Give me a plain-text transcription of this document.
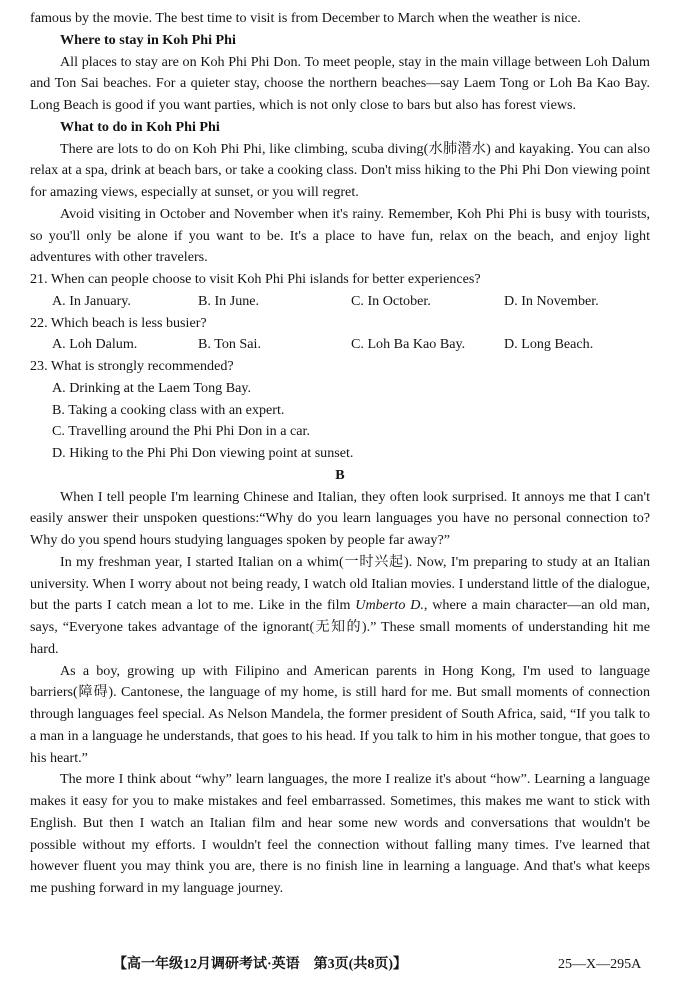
famous by the movie. The best time to visit is from December to March when the weather is nice.
Where to stay in Koh Phi Phi

All places to stay are on Koh Phi Phi Don. To meet people, stay in the main village between Loh Dalum and Ton Sai beaches. For a quieter stay, choose the northern beaches—say Laem Tong or Loh Ba Kao Bay. Long Beach is good if you want parties, which is not only close to bars but also has forest views.

What to do in Koh Phi Phi

There are lots to do on Koh Phi Phi, like climbing, scuba diving(水肺潜水) and kayaking. You can also relax at a spa, drink at beach bars, or take a cooking class. Don't miss hiking to the Phi Phi Don viewing point for amazing views, especially at sunset, or you will regret.

Avoid visiting in October and November when it's rainy. Remember, Koh Phi Phi is busy with tourists, so you'll only be alone if you want to be. It's a place to have fun, relax on the beach, and enjoy light adventures with other travelers.

21. When can people choose to visit Koh Phi Phi islands for better experiences?
A. In January.	B. In June.	C. In October.	D. In November.
22. Which beach is less busier?
A. Loh Dalum.	B. Ton Sai.	C. Loh Ba Kao Bay.	D. Long Beach.
23. What is strongly recommended?
A. Drinking at the Laem Tong Bay.
B. Taking a cooking class with an expert.
C. Travelling around the Phi Phi Don in a car.
D. Hiking to the Phi Phi Don viewing point at sunset.
B

When I tell people I'm learning Chinese and Italian, they often look surprised. It annoys me that I can't easily answer their unspoken questions:“Why do you learn languages you have no personal connection to? Why do you spend hours studying languages spoken by people far away?”

In my freshman year, I started Italian on a whim(一时兴起). Now, I'm preparing to study at an Italian university. When I worry about not being ready, I watch old Italian movies. I understand little of the dialogue, but the parts I catch mean a lot to me. Like in the film Umberto D., where a main character—an old man, says, “Everyone takes advantage of the ignorant(无知的).” These small moments of understanding hit me hard.

As a boy, growing up with Filipino and American parents in Hong Kong, I'm used to language barriers(障碍). Cantonese, the language of my home, is still hard for me. But small moments of connection through languages feel special. As Nelson Mandela, the former president of South Africa, said, “If you talk to a man in a language he understands, that goes to his head. If you talk to him in his mother tongue, that goes to his heart.”

The more I think about “why” learn languages, the more I realize it's about “how”. Learning a language makes it easy for you to make mistakes and feel embarrassed. Sometimes, this makes me want to stick with English. But then I watch an Italian film and hear some new words and conversations that wouldn't be possible without my efforts. I wouldn't feel the connection without falling many times. I've learned that however fluent you may think you are, there is no finish line in learning a language. And that's what keeps me pushing forward in my language journey.

【高一年级12月调研考试·英语　第3页(共8页)】	25—X—295A
